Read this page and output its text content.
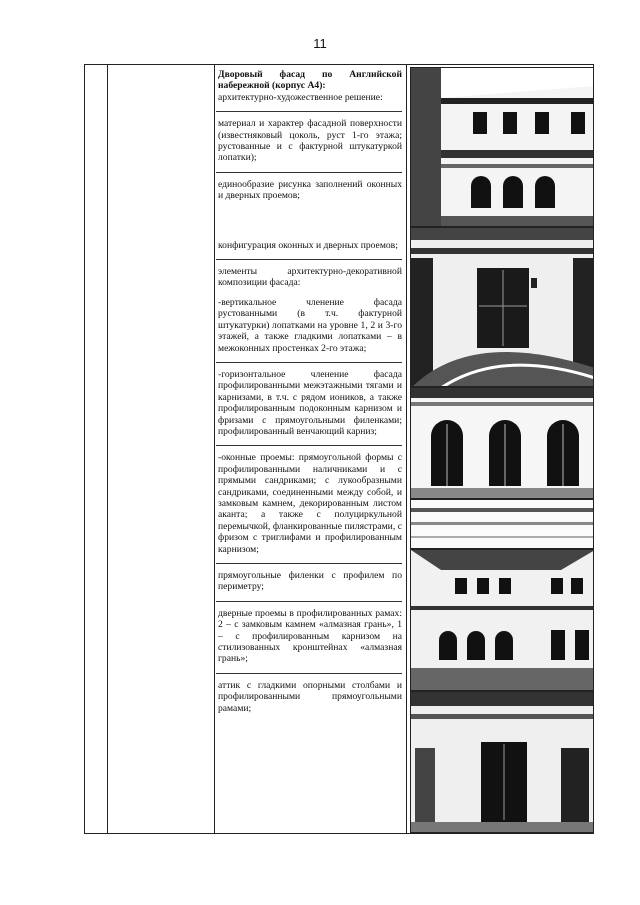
11

Дворовый фасад по Английской набережной (корпус А4):

архитектурно-художественное решение:

материал и характер фасадной поверхности (известняковый цоколь, руст 1-го этажа; рустованные и с фактурной штукатуркой лопатки);

единообразие рисунка заполнений оконных и дверных проемов;

конфигурация оконных и дверных проемов;

элементы архитектурно-декоративной композиции фасада:

-вертикальное членение фасада рустованными (в т.ч. фактурной штукатурки) лопатками на уровне 1, 2 и 3-го этажей, а также гладкими лопатками – в межоконных простенках 2-го этажа;

-горизонтальное членение фасада профилированными межэтажными тягами и карнизами, в т.ч. с рядом иоников, а также профилированным подоконным карнизом и фризами с прямоугольными филенками; профилированный венчающий карниз;

-оконные проемы: прямоугольной формы с профилированными наличниками и с прямыми сандриками; с лукообразными сандриками, соединенными между собой, и замковым камнем, декорированным листом аканта; а также с полуциркульной перемычкой, фланкированные пилястрами, с фризом с триглифами и профилированным карнизом;

прямоугольные филенки с профилем по периметру;

дверные проемы в профилированных рамах: 2 – с замковым камнем «алмазная грань», 1 – с профилированным карнизом на стилизованных кронштейнах «алмазная грань»;

аттик с гладкими опорными столбами и профилированными прямоугольными рамами;
